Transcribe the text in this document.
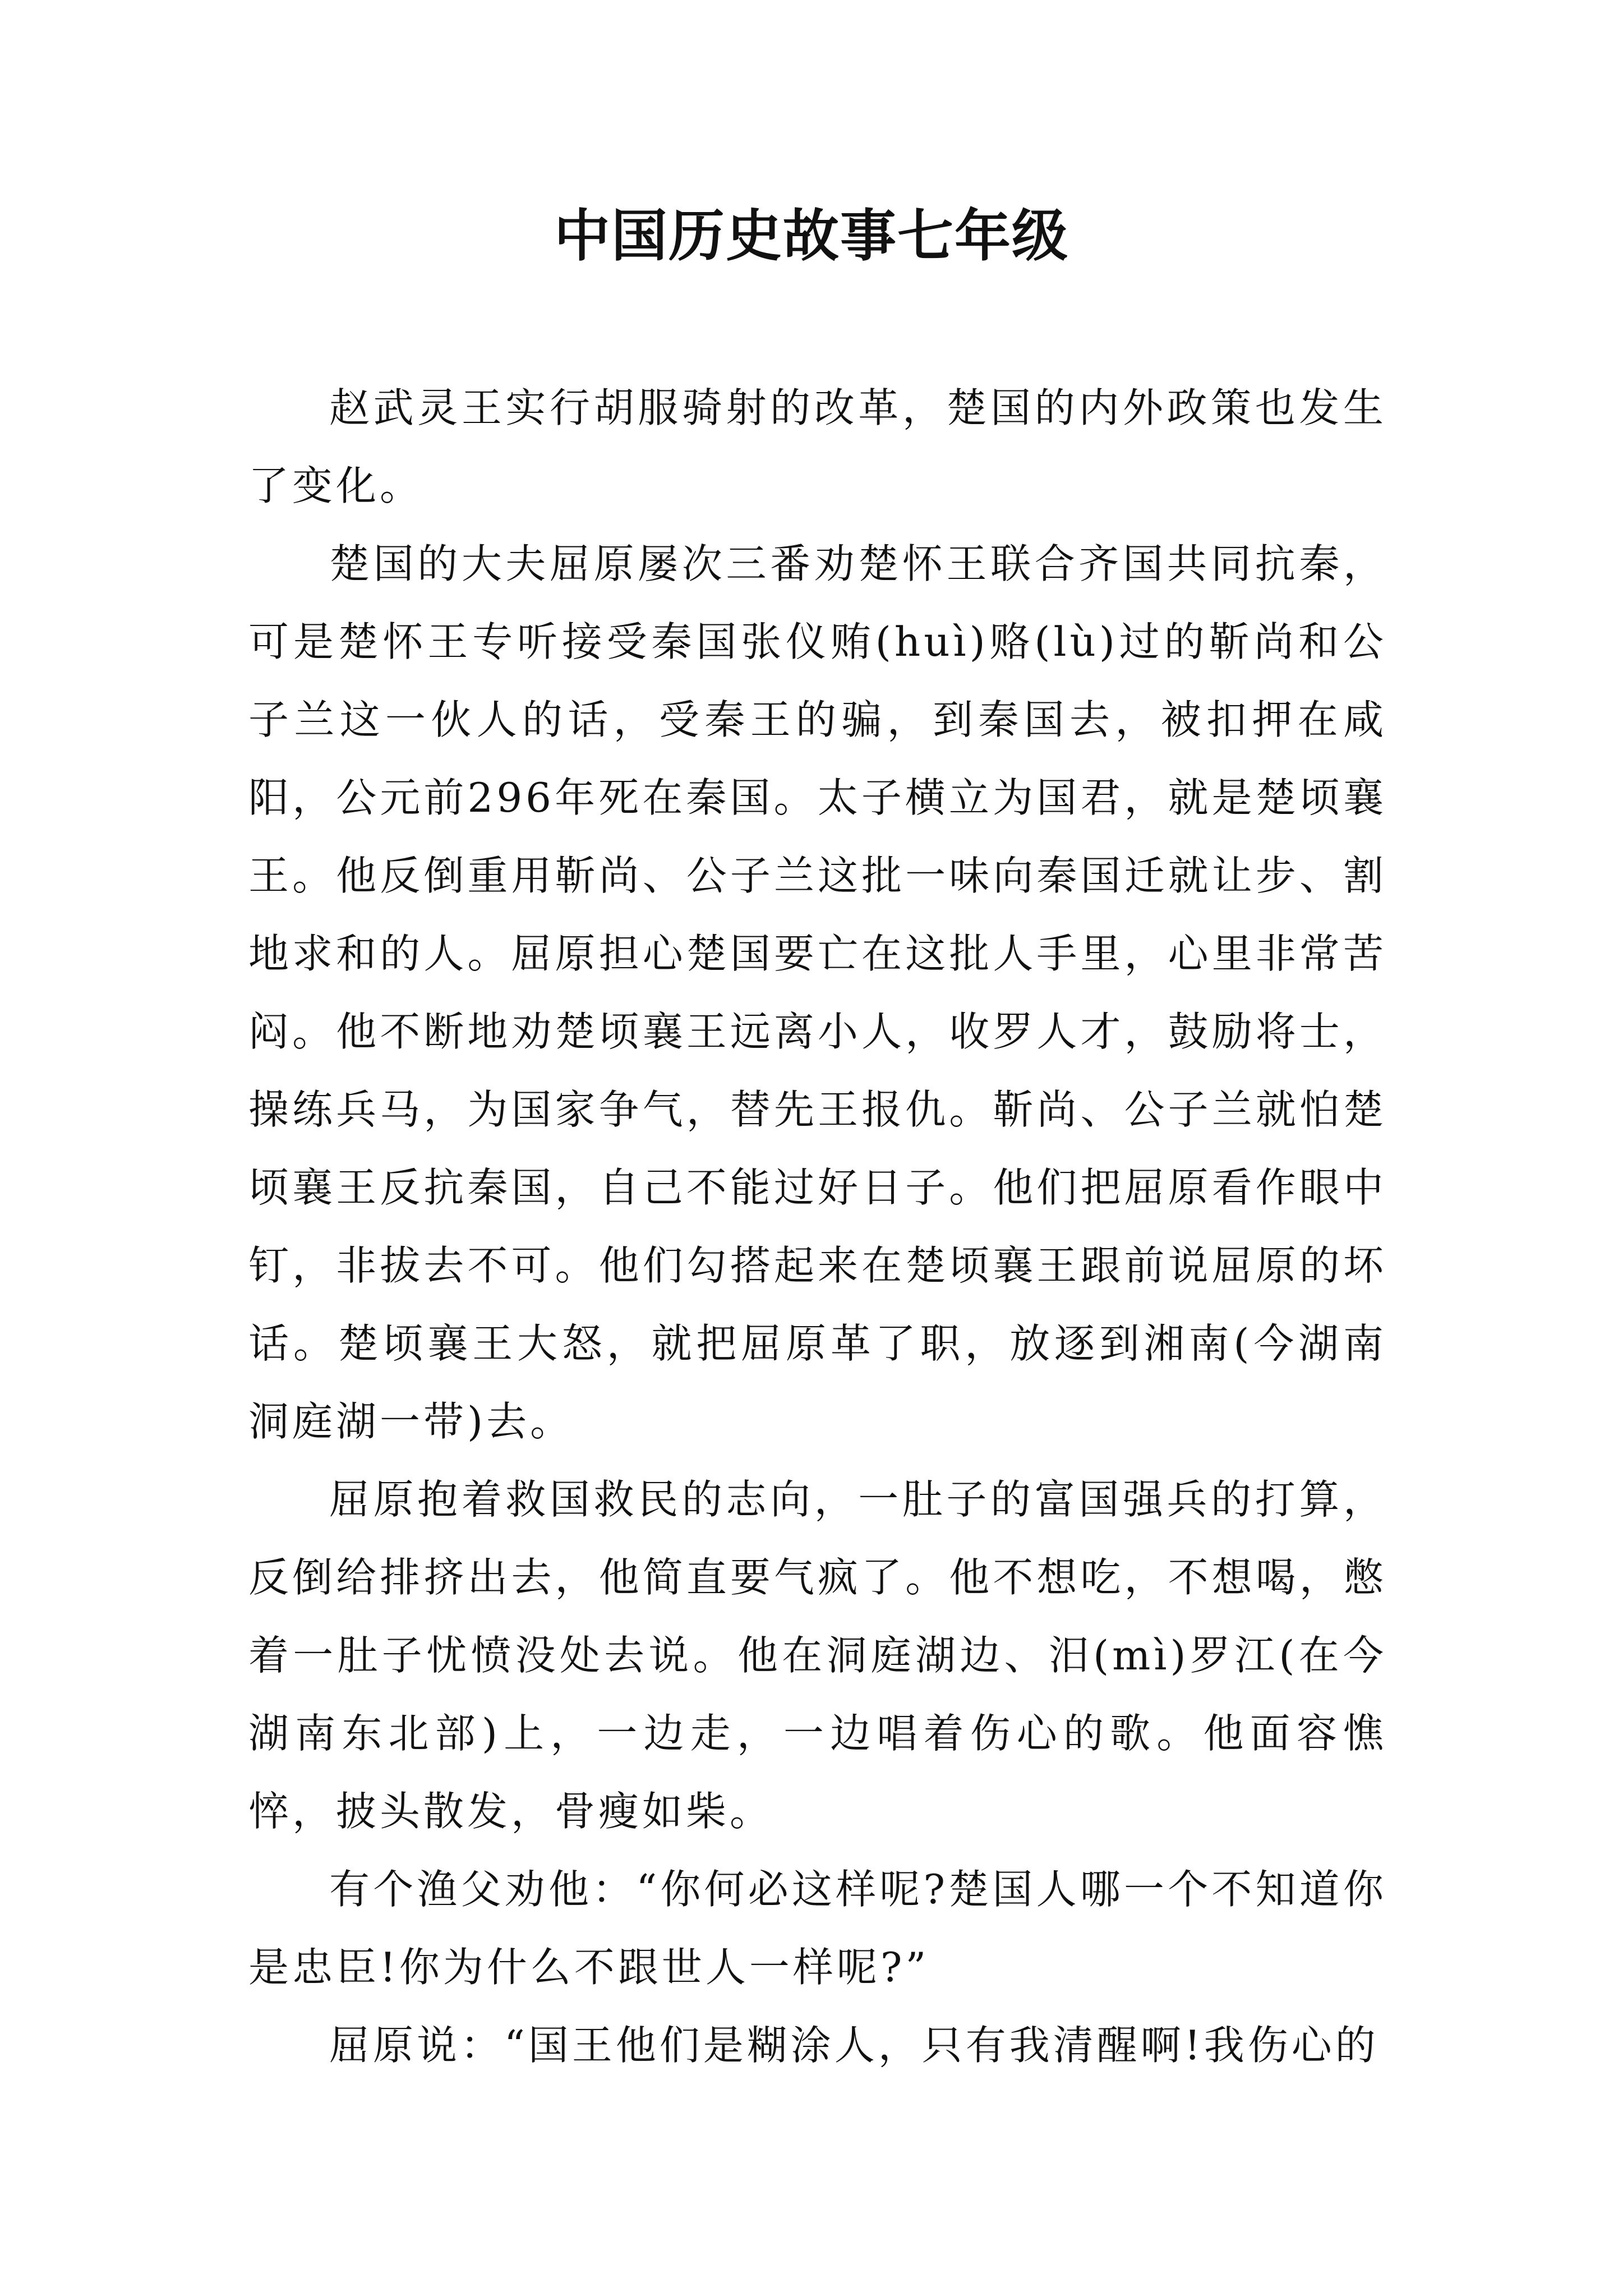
中国历史故事七年级

赵武灵王实行胡服骑射的改革，楚国的内外政策也发生了变化。

楚国的大夫屈原屡次三番劝楚怀王联合齐国共同抗秦，可是楚怀王专听接受秦国张仪贿(huì)赂(lù)过的靳尚和公子兰这一伙人的话，受秦王的骗，到秦国去，被扣押在咸阳，公元前296年死在秦国。太子横立为国君，就是楚顷襄王。他反倒重用靳尚、公子兰这批一味向秦国迁就让步、割地求和的人。屈原担心楚国要亡在这批人手里，心里非常苦闷。他不断地劝楚顷襄王远离小人，收罗人才，鼓励将士，操练兵马，为国家争气，替先王报仇。靳尚、公子兰就怕楚顷襄王反抗秦国，自己不能过好日子。他们把屈原看作眼中钉，非拔去不可。他们勾搭起来在楚顷襄王跟前说屈原的坏话。楚顷襄王大怒，就把屈原革了职，放逐到湘南(今湖南洞庭湖一带)去。

屈原抱着救国救民的志向，一肚子的富国强兵的打算，反倒给排挤出去，他简直要气疯了。他不想吃，不想喝，憋着一肚子忧愤没处去说。他在洞庭湖边、汨(mì)罗江(在今湖南东北部)上，一边走，一边唱着伤心的歌。他面容憔悴，披头散发，骨瘦如柴。

有个渔父劝他：“你何必这样呢?楚国人哪一个不知道你是忠臣!你为什么不跟世人一样呢?”

屈原说：“国王他们是糊涂人，只有我清醒啊!我伤心的
